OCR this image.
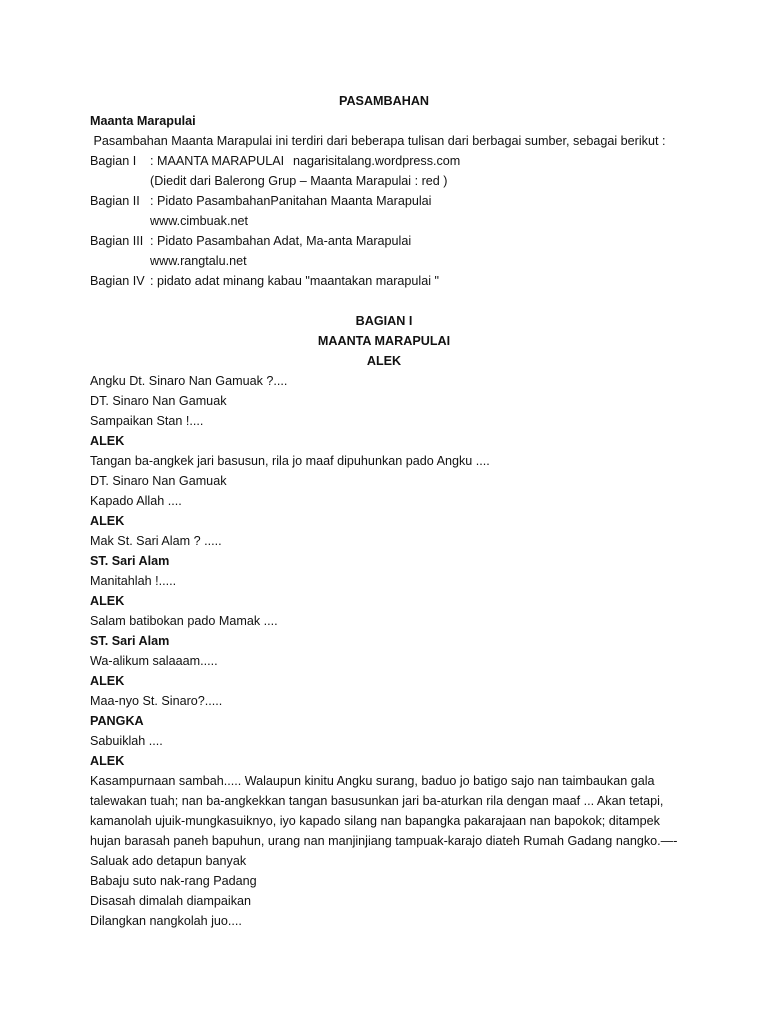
PASAMBAHAN
Maanta Marapulai
Pasambahan Maanta Marapulai ini terdiri dari beberapa tulisan dari berbagai sumber, sebagai berikut :
Bagian I : MAANTA MARAPULAI nagarisitalang.wordpress.com
(Diedit dari Balerong Grup – Maanta Marapulai : red )
Bagian II : Pidato PasambahanPanitahan Maanta Marapulai
www.cimbuak.net
Bagian III : Pidato Pasambahan Adat, Ma-anta Marapulai
www.rangtalu.net
Bagian IV : pidato adat minang kabau "maantakan marapulai "
BAGIAN I
MAANTA MARAPULAI
ALEK
Angku Dt. Sinaro Nan Gamuak ?....
DT. Sinaro Nan Gamuak
Sampaikan Stan !....
ALEK
Tangan ba-angkek jari basusun, rila jo maaf dipuhunkan pado Angku ....
DT. Sinaro Nan Gamuak
Kapado Allah ....
ALEK
Mak St. Sari Alam ? .....
ST. Sari Alam
Manitahlah !.....
ALEK
Salam batibokan pado Mamak ....
ST. Sari Alam
Wa-alikum salaaam.....
ALEK
Maa-nyo St. Sinaro?.....
PANGKA
Sabuiklah ....
ALEK
Kasampurnaan sambah..... Walaupun kinitu Angku surang, baduo jo batigo sajo nan taimbaukan gala
talewakan tuah; nan ba-angkekkan tangan basusunkan jari ba-aturkan rila dengan maaf ... Akan tetapi,
kamanolah ujuik-mungkasuiknyo, iyo kapado silang nan bapangka pakarajaan nan bapokok; ditampek
hujan barasah paneh bapuhun, urang nan manjinjiang tampuak-karajo diateh Rumah Gadang nangko.—-
Saluak ado detapun banyak
Babaju suto nak-rang Padang
Disasah dimalah diampaikan
Dilangkan nangkolah juo....
